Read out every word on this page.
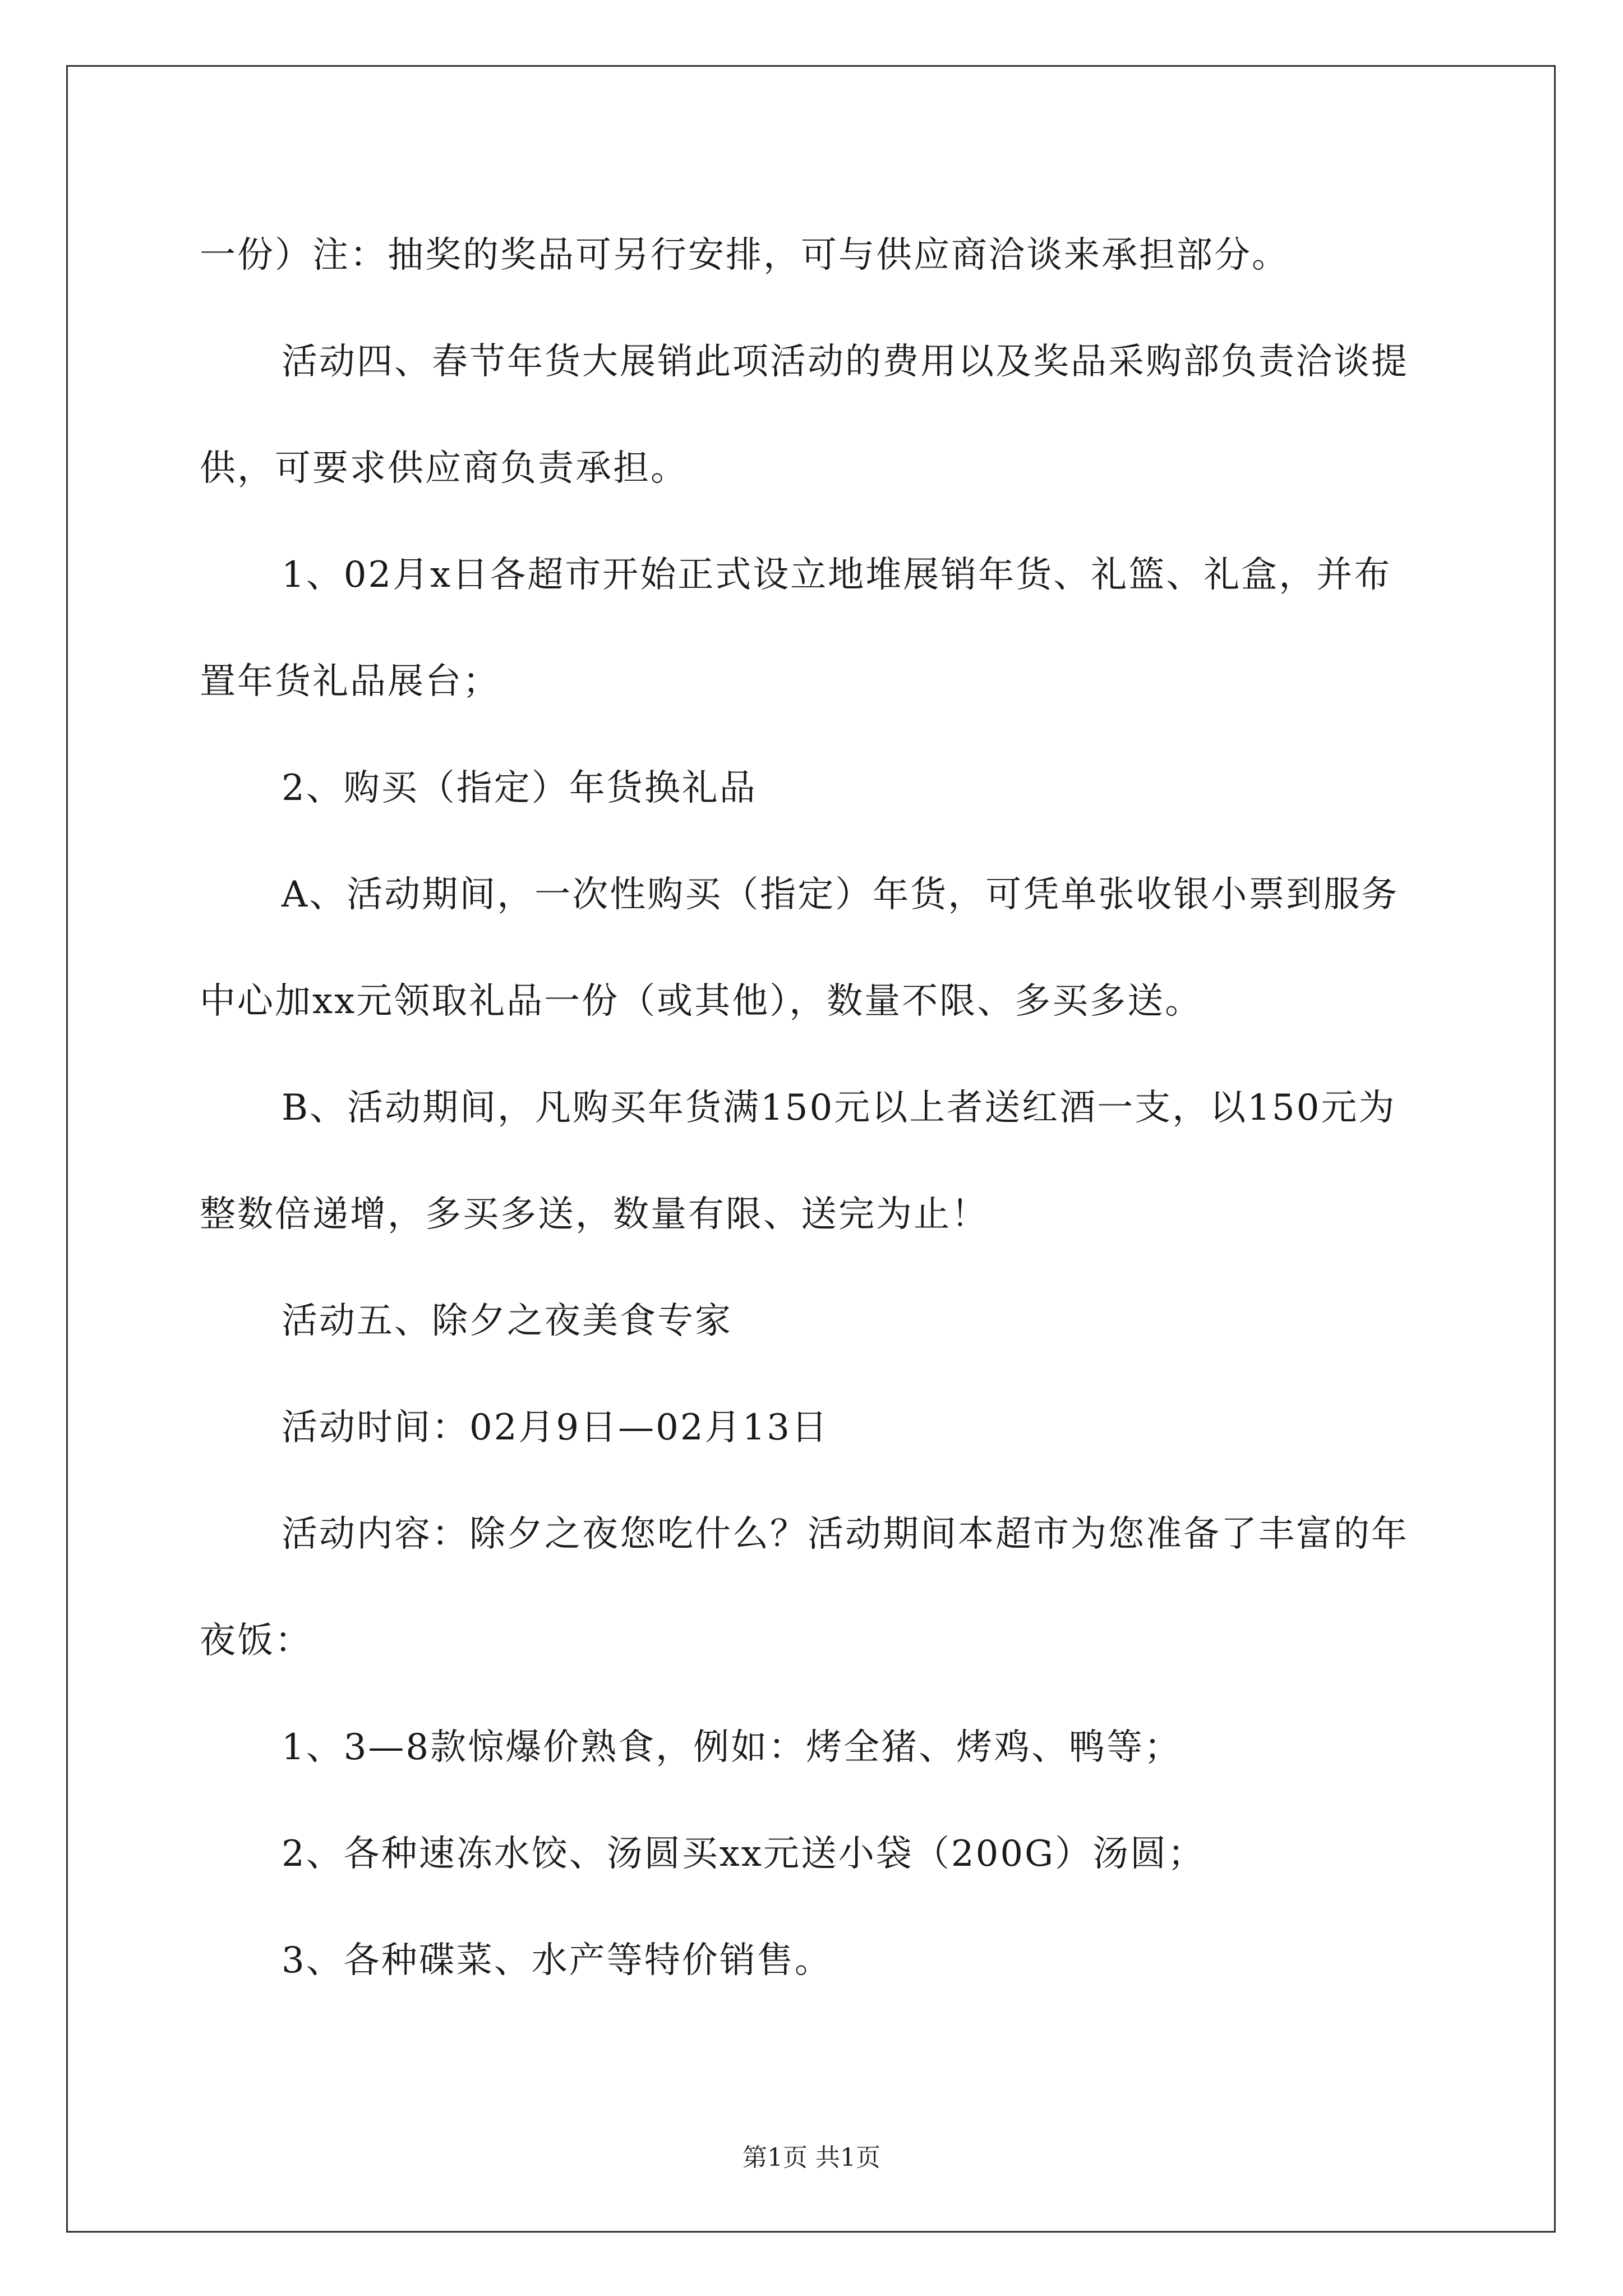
一份）注：抽奖的奖品可另行安排，可与供应商洽谈来承担部分。

活动四、春节年货大展销此项活动的费用以及奖品采购部负责洽谈提供，可要求供应商负责承担。

1、02月x日各超市开始正式设立地堆展销年货、礼篮、礼盒，并布置年货礼品展台；

2、购买（指定）年货换礼品

A、活动期间，一次性购买（指定）年货，可凭单张收银小票到服务中心加xx元领取礼品一份（或其他），数量不限、多买多送。

B、活动期间，凡购买年货满150元以上者送红酒一支，以150元为整数倍递增，多买多送，数量有限、送完为止！

活动五、除夕之夜美食专家

活动时间：02月9日—02月13日

活动内容：除夕之夜您吃什么？活动期间本超市为您准备了丰富的年夜饭：

1、3—8款惊爆价熟食，例如：烤全猪、烤鸡、鸭等；

2、各种速冻水饺、汤圆买xx元送小袋（200G）汤圆；

3、各种碟菜、水产等特价销售。

第1页 共1页
